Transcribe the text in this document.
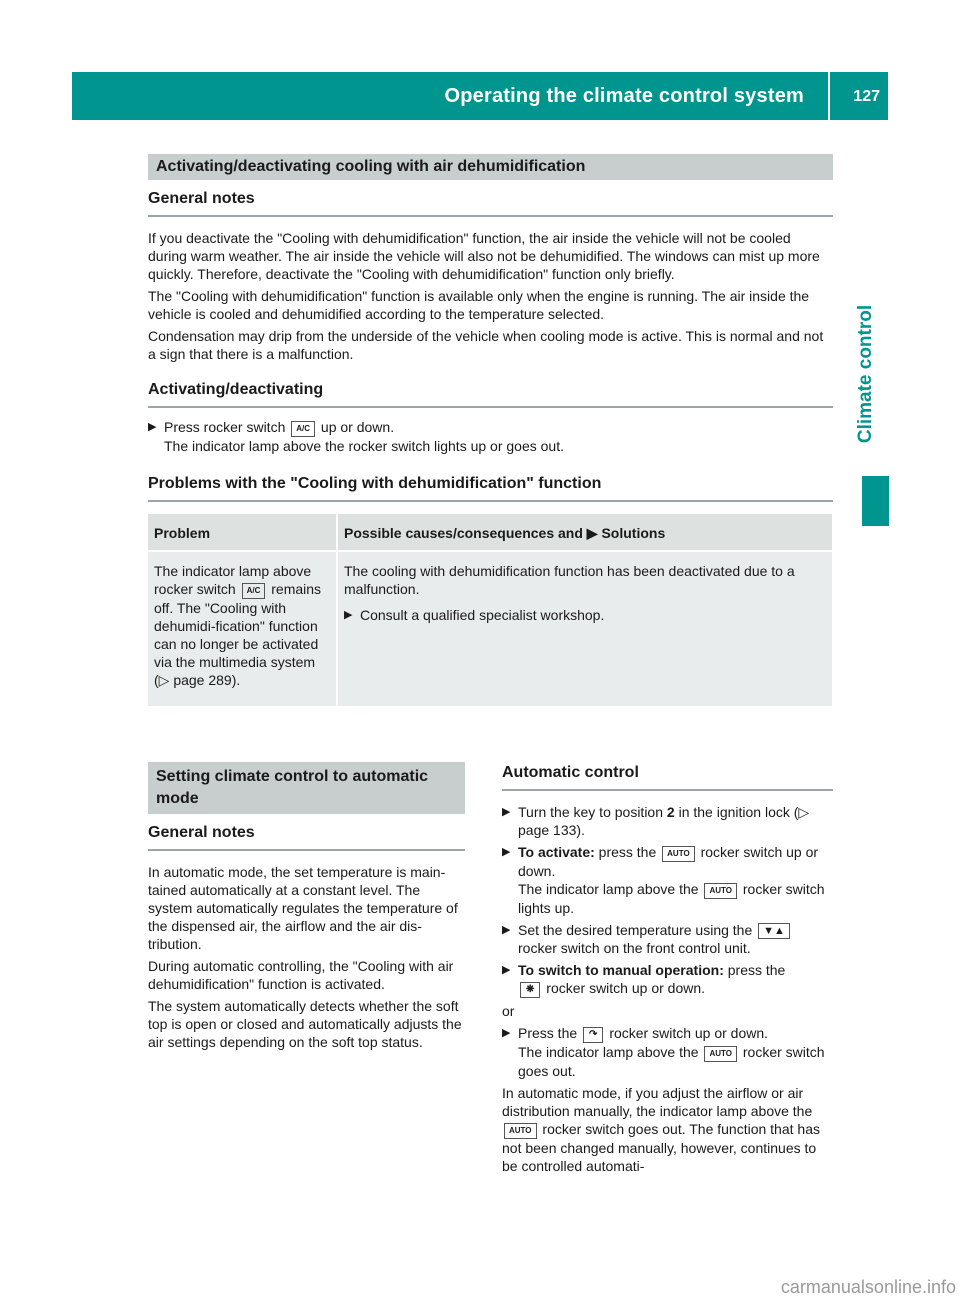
Operating the climate control system	127
Climate control
Activating/deactivating cooling with air dehumidification
General notes

If you deactivate the "Cooling with dehumidification" function, the air inside the vehicle will not be cooled during warm weather. The air inside the vehicle will also not be dehumidified. The windows can mist up more quickly. Therefore, deactivate the "Cooling with dehumidification" function only briefly.

The "Cooling with dehumidification" function is available only when the engine is running. The air inside the vehicle is cooled and dehumidified according to the temperature selected.

Condensation may drip from the underside of the vehicle when cooling mode is active. This is normal and not a sign that there is a malfunction.

Activating/deactivating
▶ Press rocker switch A/C up or down.
The indicator lamp above the rocker switch lights up or goes out.
Problems with the "Cooling with dehumidification" function
Problem	Possible causes/consequences and ▶ Solutions
The indicator lamp above rocker switch A/C remains off. The "Cooling with dehumidi-fication" function can no longer be activated via the multimedia system (▷ page 289).	The cooling with dehumidification function has been deactivated due to a malfunction.
▶ Consult a qualified specialist workshop.
Setting climate control to automatic mode
General notes

In automatic mode, the set temperature is main-tained automatically at a constant level. The system automatically regulates the temperature of the dispensed air, the airflow and the air dis-tribution.

During automatic controlling, the "Cooling with air dehumidification" function is activated.

The system automatically detects whether the soft top is open or closed and automatically adjusts the air settings depending on the soft top status.

Automatic control
▶ Turn the key to position 2 in the ignition lock (▷ page 133).
▶ To activate: press the AUTO rocker switch up or down.
The indicator lamp above the AUTO rocker switch lights up.
▶ Set the desired temperature using the ▼▲ rocker switch on the front control unit.
▶ To switch to manual operation: press the
❋ rocker switch up or down.
or
▶ Press the ↷ rocker switch up or down.
The indicator lamp above the AUTO rocker switch goes out.

In automatic mode, if you adjust the airflow or air distribution manually, the indicator lamp above the AUTO rocker switch goes out. The function that has not been changed manually, however, continues to be controlled automati-

carmanualsonline.info
